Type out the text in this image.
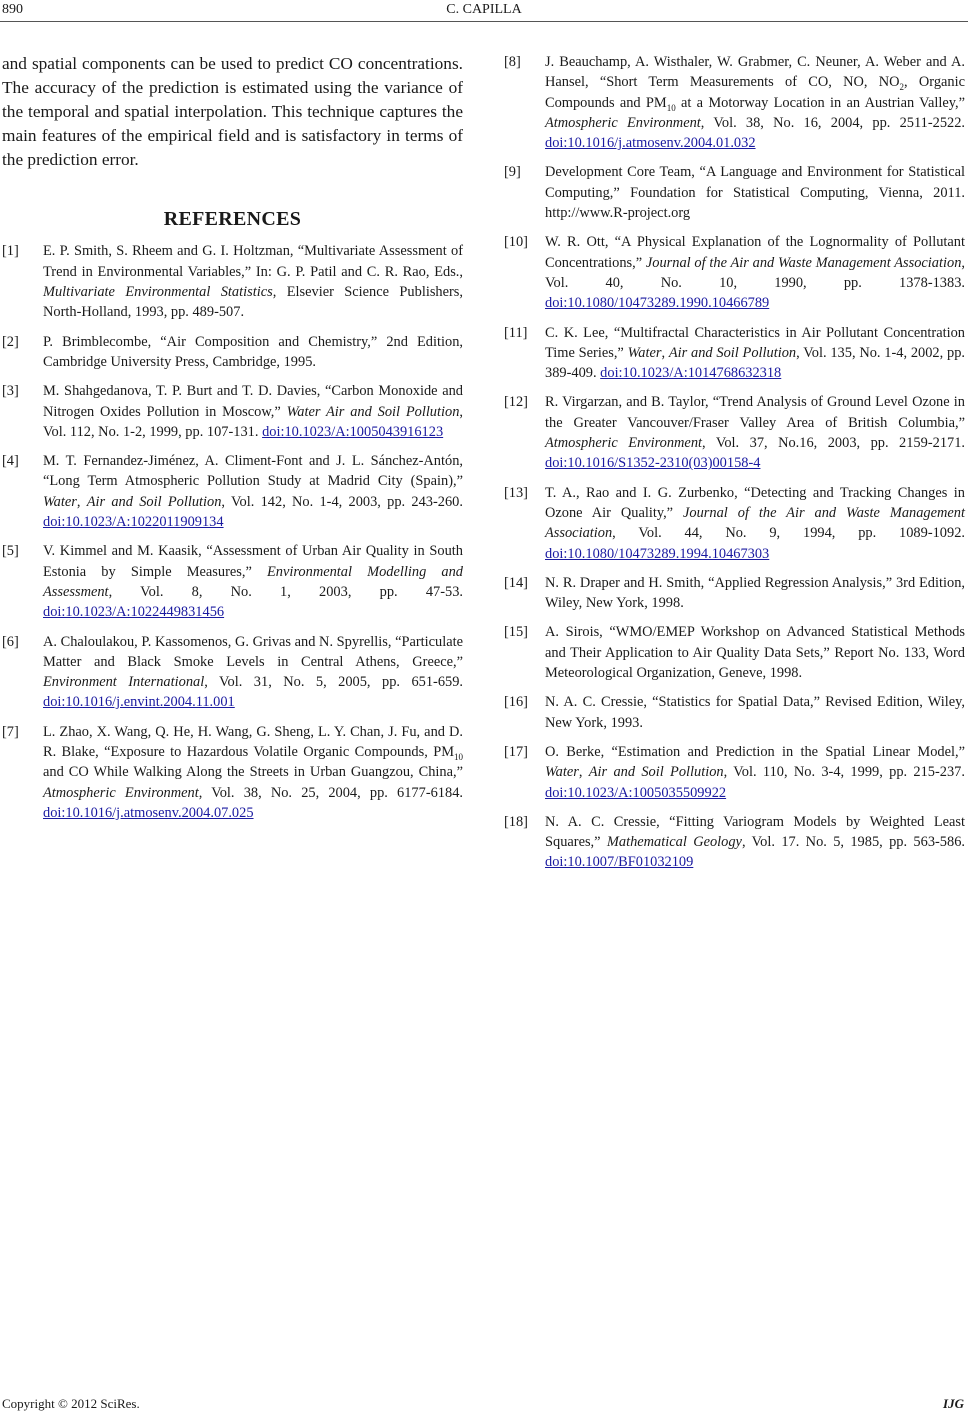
890	C. CAPILLA

and spatial components can be used to predict CO concentrations. The accuracy of the prediction is estimated using the variance of the temporal and spatial interpolation. This technique captures the main features of the empirical field and is satisfactory in terms of the prediction error.

REFERENCES
[1] E. P. Smith, S. Rheem and G. I. Holtzman, “Multivariate Assessment of Trend in Environmental Variables,” In: G. P. Patil and C. R. Rao, Eds., Multivariate Environmental Statistics, Elsevier Science Publishers, North-Holland, 1993, pp. 489-507.
[2] P. Brimblecombe, “Air Composition and Chemistry,” 2nd Edition, Cambridge University Press, Cambridge, 1995.
[3] M. Shahgedanova, T. P. Burt and T. D. Davies, “Carbon Monoxide and Nitrogen Oxides Pollution in Moscow,” Water Air and Soil Pollution, Vol. 112, No. 1-2, 1999, pp. 107-131. doi:10.1023/A:1005043916123
[4] M. T. Fernandez-Jiménez, A. Climent-Font and J. L. Sánchez-Antón, “Long Term Atmospheric Pollution Study at Madrid City (Spain),” Water, Air and Soil Pollution, Vol. 142, No. 1-4, 2003, pp. 243-260. doi:10.1023/A:1022011909134
[5] V. Kimmel and M. Kaasik, “Assessment of Urban Air Quality in South Estonia by Simple Measures,” Environmental Modelling and Assessment, Vol. 8, No. 1, 2003, pp. 47-53. doi:10.1023/A:1022449831456
[6] A. Chaloulakou, P. Kassomenos, G. Grivas and N. Spyrellis, “Particulate Matter and Black Smoke Levels in Central Athens, Greece,” Environment International, Vol. 31, No. 5, 2005, pp. 651-659. doi:10.1016/j.envint.2004.11.001
[7] L. Zhao, X. Wang, Q. He, H. Wang, G. Sheng, L. Y. Chan, J. Fu, and D. R. Blake, “Exposure to Hazardous Volatile Organic Compounds, $PM_{10}$ and CO While Walking Along the Streets in Urban Guangzou, China,” Atmospheric Environment, Vol. 38, No. 25, 2004, pp. 6177-6184. doi:10.1016/j.atmosenv.2004.07.025
[8] J. Beauchamp, A. Wisthaler, W. Grabmer, C. Neuner, A. Weber and A. Hansel, “Short Term Measurements of CO, NO, $NO_2$, Organic Compounds and $PM_{10}$ at a Motorway Location in an Austrian Valley,” Atmospheric Environment, Vol. 38, No. 16, 2004, pp. 2511-2522. doi:10.1016/j.atmosenv.2004.01.032
[9] Development Core Team, “A Language and Environment for Statistical Computing,” Foundation for Statistical Computing, Vienna, 2011. http://www.R-project.org
[10] W. R. Ott, “A Physical Explanation of the Lognormality of Pollutant Concentrations,” Journal of the Air and Waste Management Association, Vol. 40, No. 10, 1990, pp. 1378-1383. doi:10.1080/10473289.1990.10466789
[11] C. K. Lee, “Multifractal Characteristics in Air Pollutant Concentration Time Series,” Water, Air and Soil Pollution, Vol. 135, No. 1-4, 2002, pp. 389-409. doi:10.1023/A:1014768632318
[12] R. Virgarzan, and B. Taylor, “Trend Analysis of Ground Level Ozone in the Greater Vancouver/Fraser Valley Area of British Columbia,” Atmospheric Environment, Vol. 37, No.16, 2003, pp. 2159-2171. doi:10.1016/S1352-2310(03)00158-4
[13] T. A., Rao and I. G. Zurbenko, “Detecting and Tracking Changes in Ozone Air Quality,” Journal of the Air and Waste Management Association, Vol. 44, No. 9, 1994, pp. 1089-1092. doi:10.1080/10473289.1994.10467303
[14] N. R. Draper and H. Smith, “Applied Regression Analysis,” 3rd Edition, Wiley, New York, 1998.
[15] A. Sirois, “WMO/EMEP Workshop on Advanced Statistical Methods and Their Application to Air Quality Data Sets,” Report No. 133, Word Meteorological Organization, Geneve, 1998.
[16] N. A. C. Cressie, “Statistics for Spatial Data,” Revised Edition, Wiley, New York, 1993.
[17] O. Berke, “Estimation and Prediction in the Spatial Linear Model,” Water, Air and Soil Pollution, Vol. 110, No. 3-4, 1999, pp. 215-237. doi:10.1023/A:1005035509922
[18] N. A. C. Cressie, “Fitting Variogram Models by Weighted Least Squares,” Mathematical Geology, Vol. 17. No. 5, 1985, pp. 563-586. doi:10.1007/BF01032109
Copyright © 2012 SciRes.	IJG
